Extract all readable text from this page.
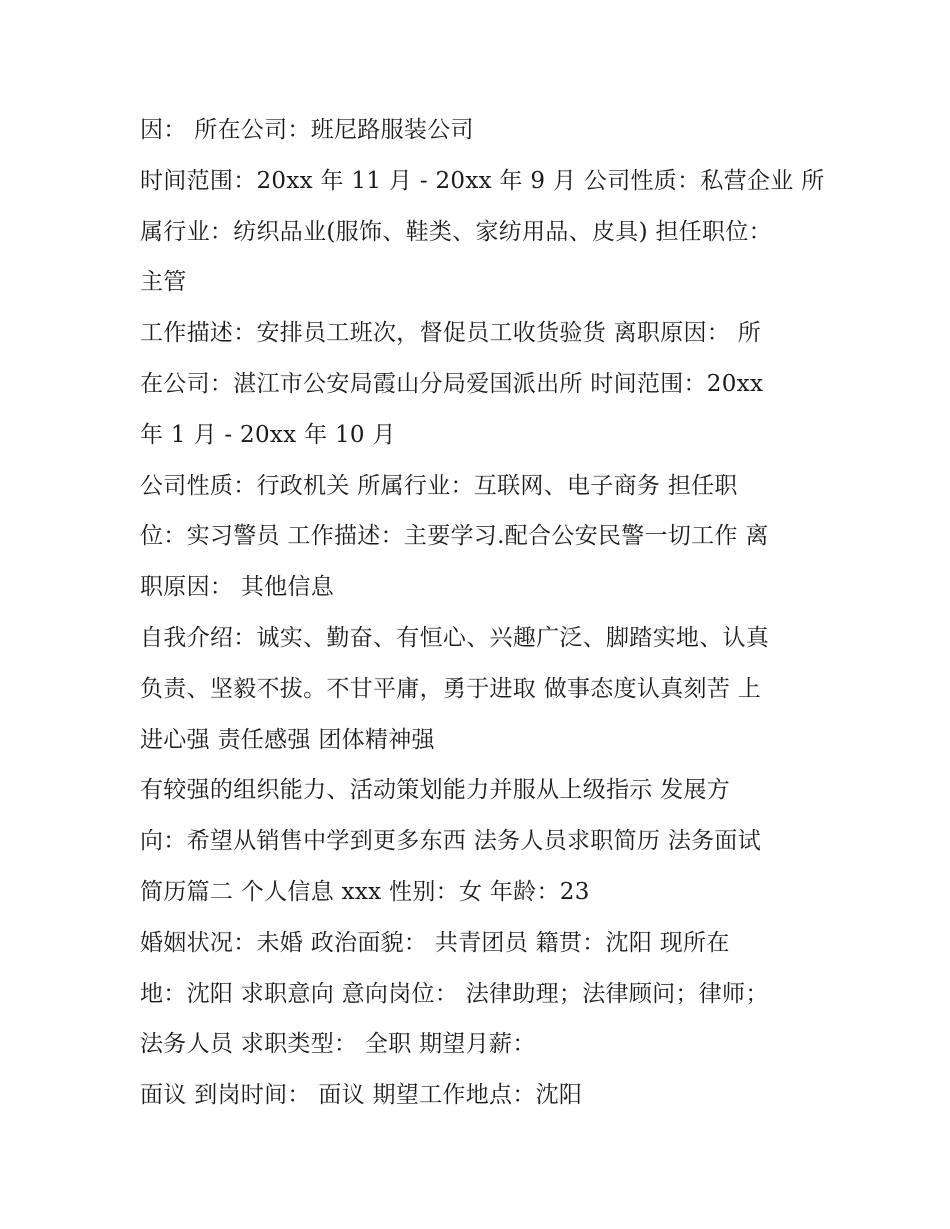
因： 所在公司：班尼路服装公司
时间范围：20xx 年 11 月 - 20xx 年 9 月 公司性质：私营企业 所
属行业：纺织品业(服饰、鞋类、家纺用品、皮具) 担任职位：
主管
工作描述：安排员工班次，督促员工收货验货 离职原因： 所
在公司：湛江市公安局霞山分局爱国派出所 时间范围：20xx
年 1 月 - 20xx 年 10 月
公司性质：行政机关 所属行业：互联网、电子商务 担任职
位：实习警员 工作描述：主要学习.配合公安民警一切工作 离
职原因： 其他信息
自我介绍：诚实、勤奋、有恒心、兴趣广泛、脚踏实地、认真
负责、坚毅不拔。不甘平庸，勇于进取 做事态度认真刻苦 上
进心强 责任感强 团体精神强
有较强的组织能力、活动策划能力并服从上级指示 发展方
向：希望从销售中学到更多东西 法务人员求职简历 法务面试
简历篇二 个人信息 xxx 性别：女 年龄：23
婚姻状况：未婚 政治面貌： 共青团员 籍贯：沈阳 现所在
地：沈阳 求职意向 意向岗位： 法律助理；法律顾问；律师；
法务人员 求职类型： 全职 期望月薪：
面议 到岗时间： 面议 期望工作地点：沈阳
